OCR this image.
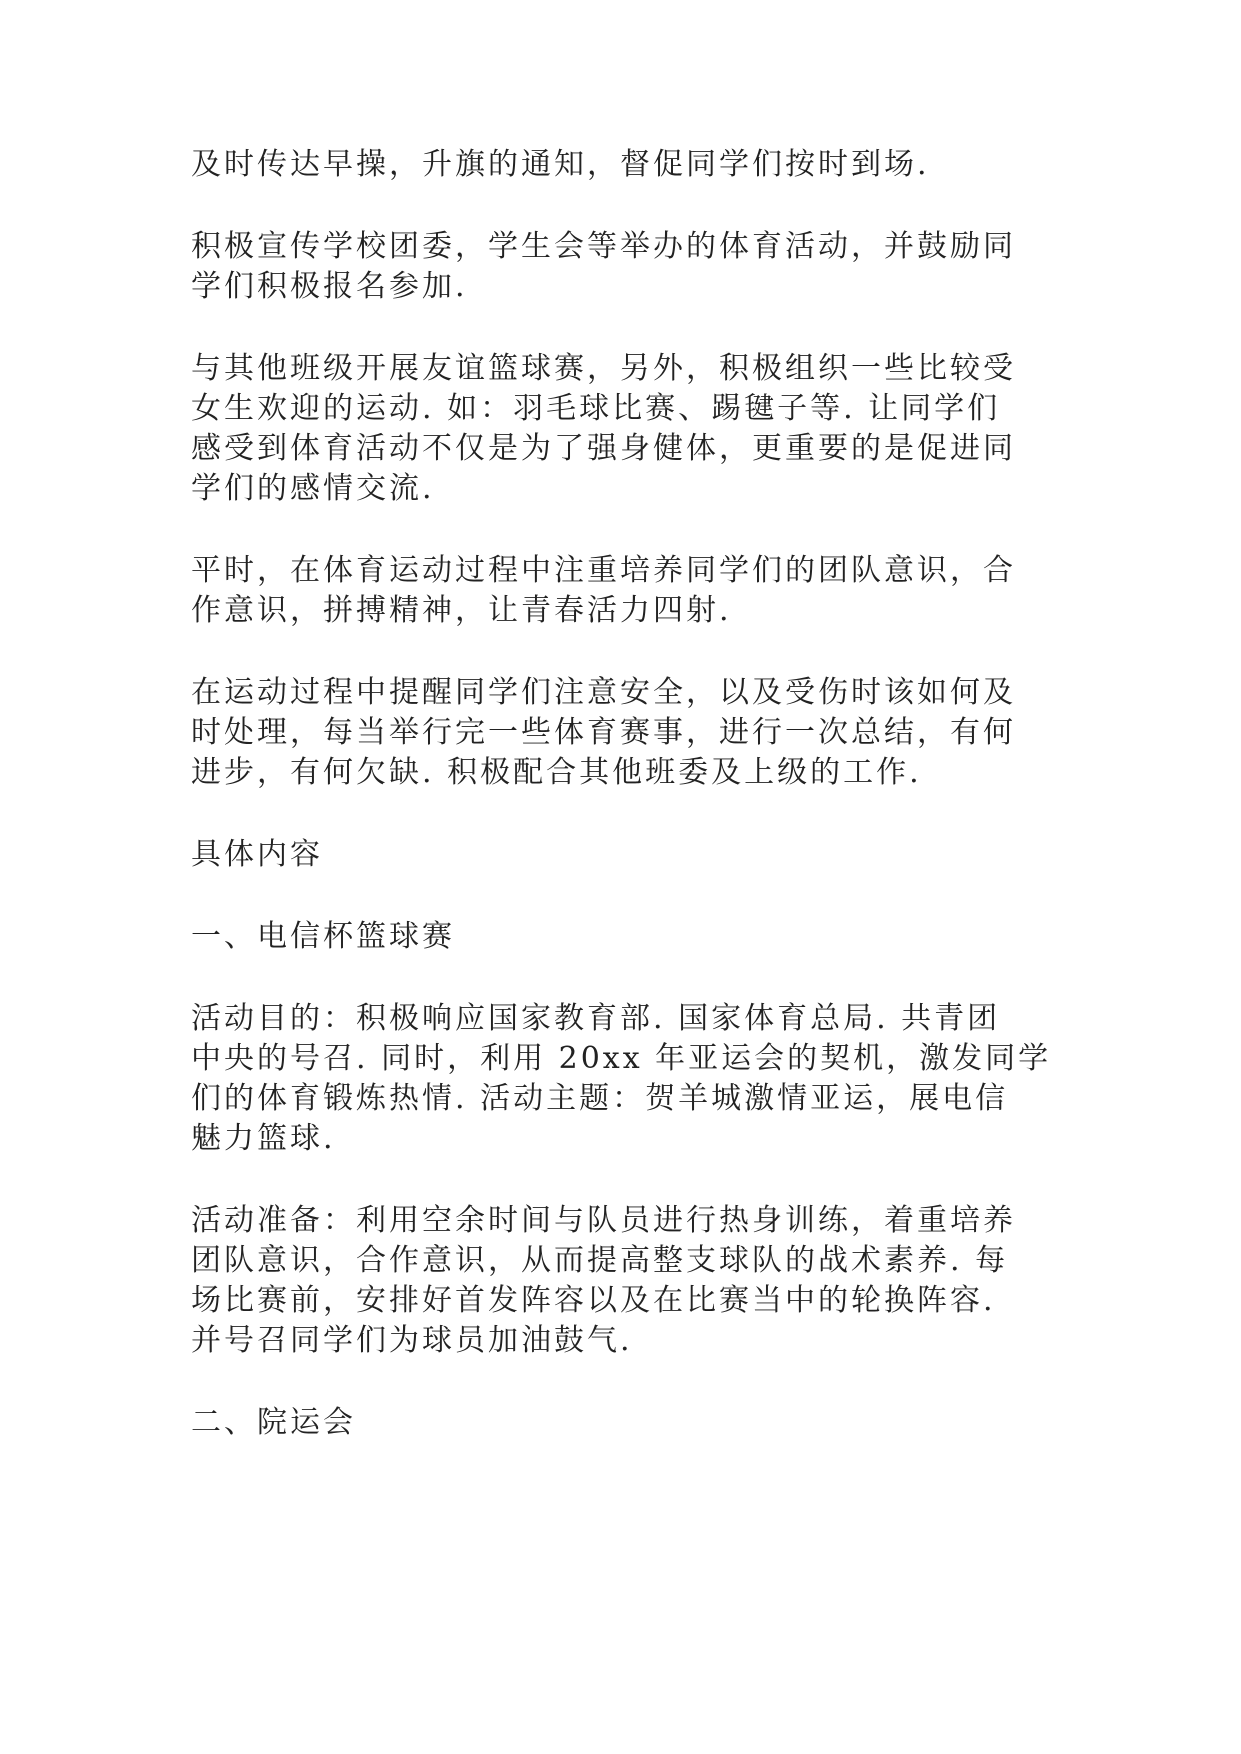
及时传达早操，升旗的通知，督促同学们按时到场.

积极宣传学校团委，学生会等举办的体育活动，并鼓励同
学们积极报名参加.

与其他班级开展友谊篮球赛，另外，积极组织一些比较受
女生欢迎的运动. 如：羽毛球比赛、踢毽子等. 让同学们
感受到体育活动不仅是为了强身健体，更重要的是促进同
学们的感情交流.

平时，在体育运动过程中注重培养同学们的团队意识，合
作意识，拼搏精神，让青春活力四射.

在运动过程中提醒同学们注意安全，以及受伤时该如何及
时处理，每当举行完一些体育赛事，进行一次总结，有何
进步，有何欠缺. 积极配合其他班委及上级的工作.

具体内容

一、电信杯篮球赛

活动目的：积极响应国家教育部. 国家体育总局. 共青团
中央的号召. 同时，利用 20xx 年亚运会的契机，激发同学
们的体育锻炼热情. 活动主题：贺羊城激情亚运，展电信
魅力篮球.

活动准备：利用空余时间与队员进行热身训练，着重培养
团队意识，合作意识，从而提高整支球队的战术素养. 每
场比赛前，安排好首发阵容以及在比赛当中的轮换阵容.
并号召同学们为球员加油鼓气.

二、院运会
